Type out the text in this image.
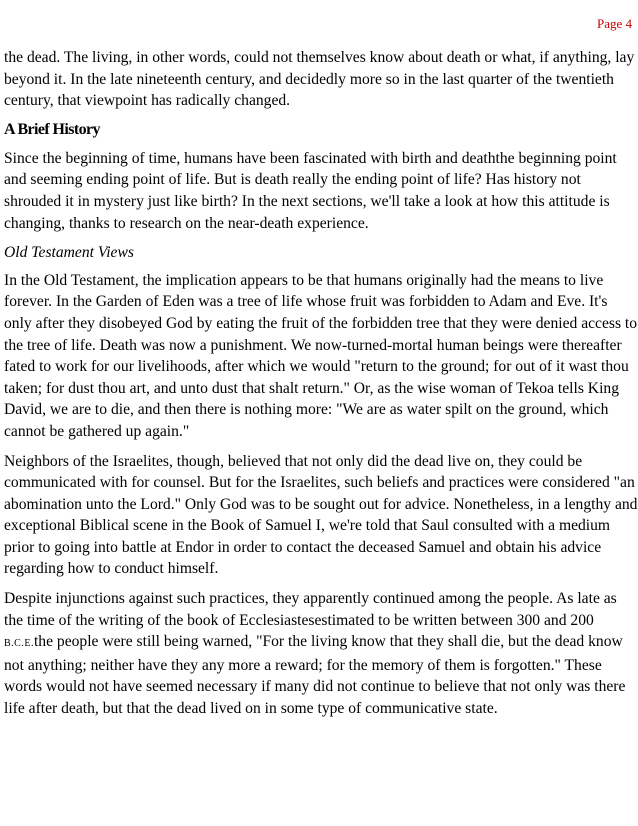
Page 4

the dead. The living, in other words, could not themselves know about death or what, if anything, lay beyond it. In the late nineteenth century, and decidedly more so in the last quarter of the twentieth century, that viewpoint has radically changed.

A Brief History

Since the beginning of time, humans have been fascinated with birth and deaththe beginning point and seeming ending point of life. But is death really the ending point of life? Has history not shrouded it in mystery just like birth? In the next sections, we'll take a look at how this attitude is changing, thanks to research on the near-death experience.

Old Testament Views

In the Old Testament, the implication appears to be that humans originally had the means to live forever. In the Garden of Eden was a tree of life whose fruit was forbidden to Adam and Eve. It's only after they disobeyed God by eating the fruit of the forbidden tree that they were denied access to the tree of life. Death was now a punishment. We now-turned-mortal human beings were thereafter fated to work for our livelihoods, after which we would "return to the ground; for out of it wast thou taken; for dust thou art, and unto dust that shalt return." Or, as the wise woman of Tekoa tells King David, we are to die, and then there is nothing more: "We are as water spilt on the ground, which cannot be gathered up again."

Neighbors of the Israelites, though, believed that not only did the dead live on, they could be communicated with for counsel. But for the Israelites, such beliefs and practices were considered "an abomination unto the Lord." Only God was to be sought out for advice. Nonetheless, in a lengthy and exceptional Biblical scene in the Book of Samuel I, we're told that Saul consulted with a medium prior to going into battle at Endor in order to contact the deceased Samuel and obtain his advice regarding how to conduct himself.

Despite injunctions against such practices, they apparently continued among the people. As late as the time of the writing of the book of Ecclesiastesestimated to be written between 300 and 200 B.C.E.the people were still being warned, "For the living know that they shall die, but the dead know not anything; neither have they any more a reward; for the memory of them is forgotten." These words would not have seemed necessary if many did not continue to believe that not only was there life after death, but that the dead lived on in some type of communicative state.
